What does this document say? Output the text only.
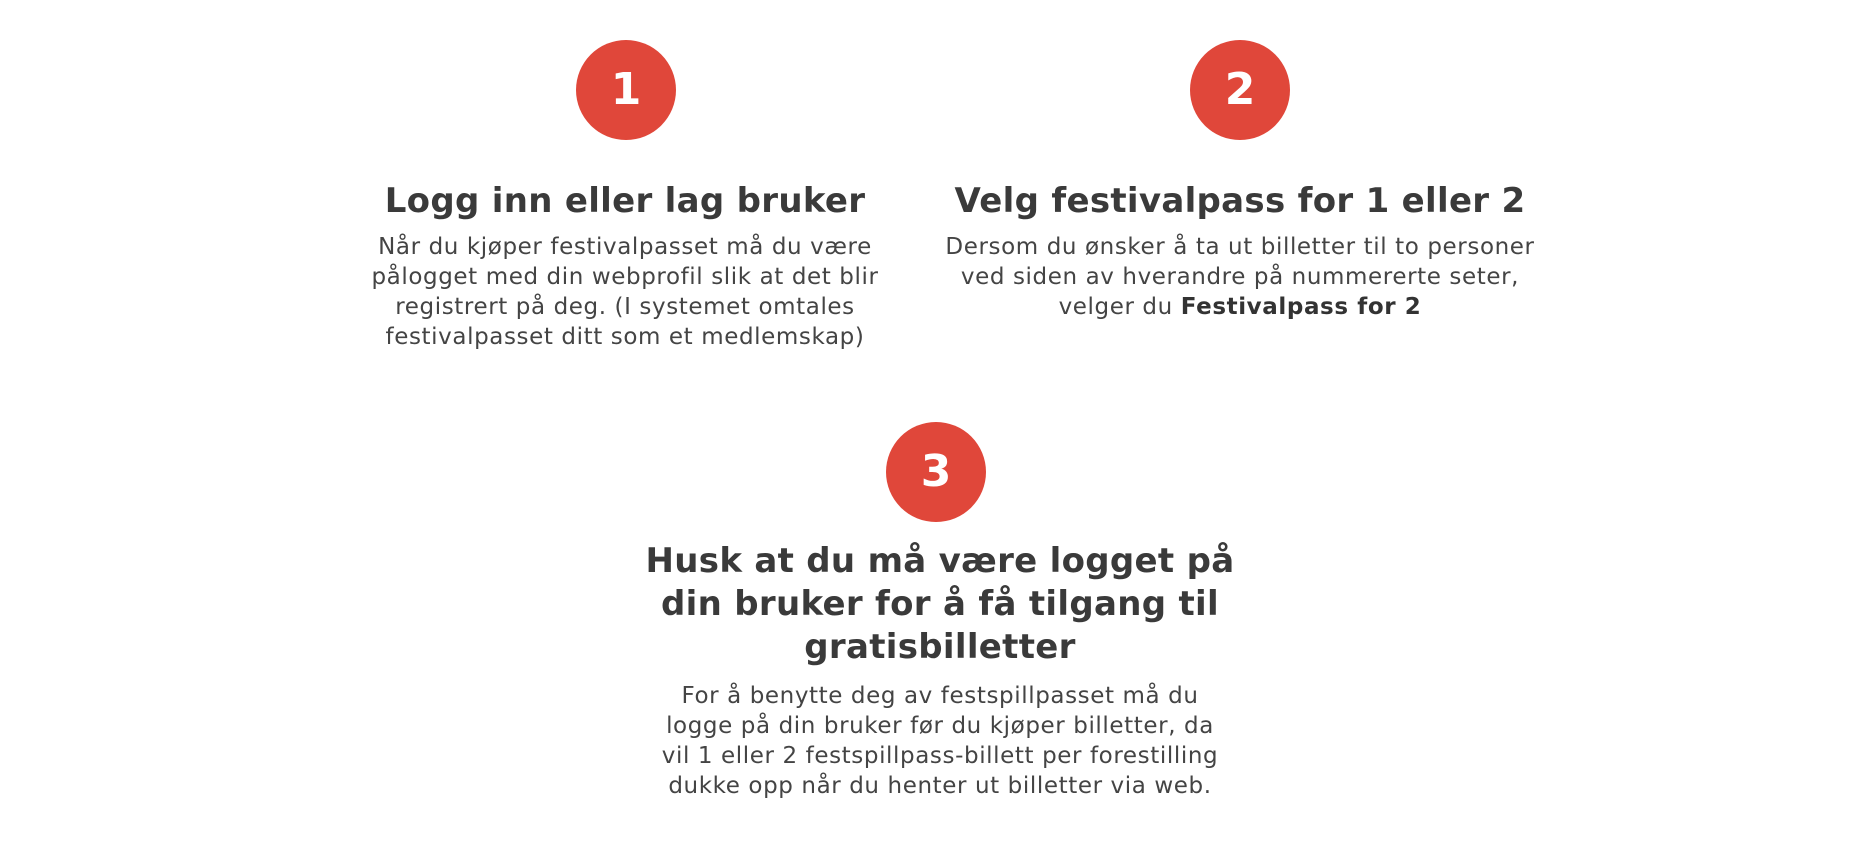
1
Logg inn eller lag bruker

Når du kjøper festivalpasset må du være pålogget med din webprofil slik at det blir registrert på deg. (I systemet omtales festivalpasset ditt som et medlemskap)

2
Velg festivalpass for 1 eller 2

Dersom du ønsker å ta ut billetter til to personer ved siden av hverandre på nummererte seter, velger du Festivalpass for 2

3
Husk at du må være logget på din bruker for å få tilgang til gratisbilletter

For å benytte deg av festspillpasset må du logge på din bruker før du kjøper billetter, da vil 1 eller 2 festspillpass-billett per forestilling dukke opp når du henter ut billetter via web.
